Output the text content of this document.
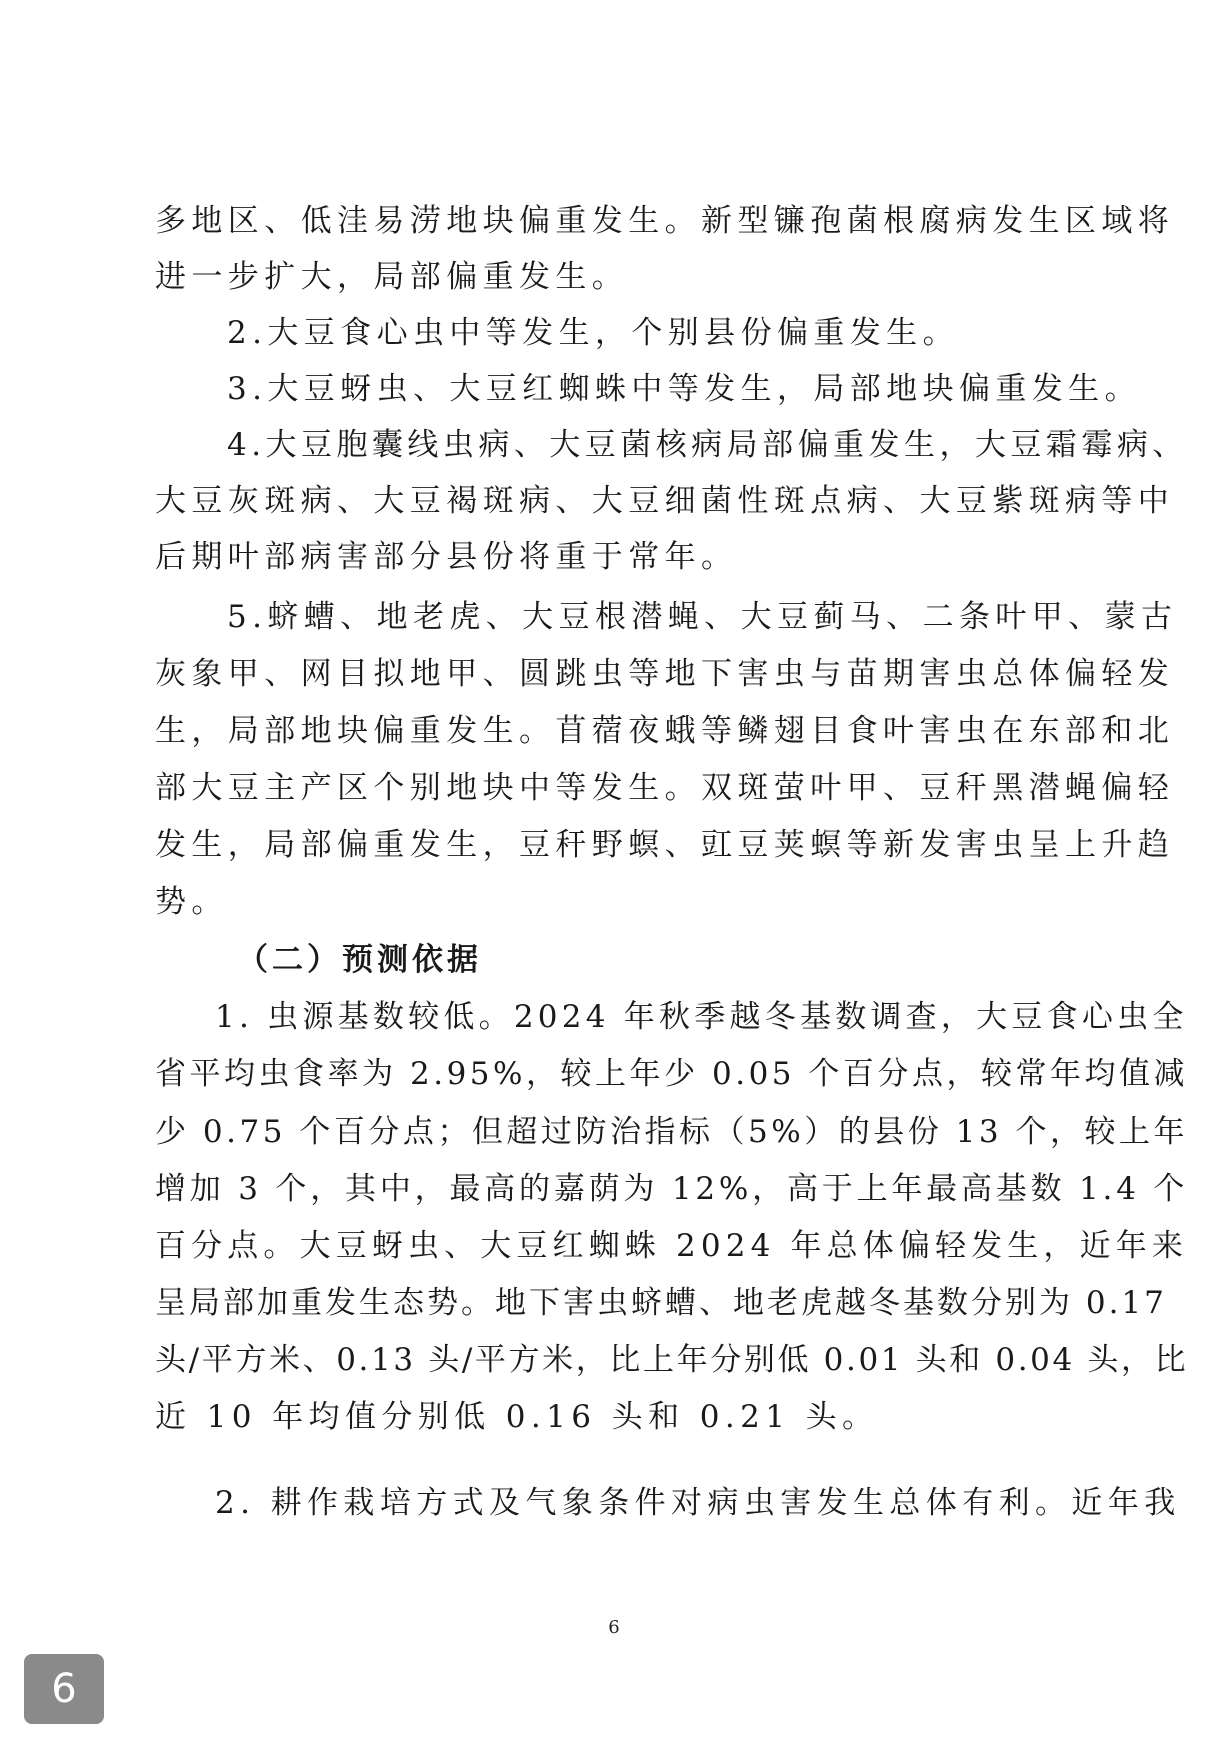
多地区、低洼易涝地块偏重发生。新型镰孢菌根腐病发生区域将
进一步扩大，局部偏重发生。
2.大豆食心虫中等发生，个别县份偏重发生。
3.大豆蚜虫、大豆红蜘蛛中等发生，局部地块偏重发生。
4.大豆胞囊线虫病、大豆菌核病局部偏重发生，大豆霜霉病、
大豆灰斑病、大豆褐斑病、大豆细菌性斑点病、大豆紫斑病等中
后期叶部病害部分县份将重于常年。
5.蛴螬、地老虎、大豆根潜蝇、大豆蓟马、二条叶甲、蒙古
灰象甲、网目拟地甲、圆跳虫等地下害虫与苗期害虫总体偏轻发
生，局部地块偏重发生。苜蓿夜蛾等鳞翅目食叶害虫在东部和北
部大豆主产区个别地块中等发生。双斑萤叶甲、豆秆黑潜蝇偏轻
发生，局部偏重发生，豆秆野螟、豇豆荚螟等新发害虫呈上升趋
势。
（二）预测依据
1. 虫源基数较低。2024 年秋季越冬基数调查，大豆食心虫全
省平均虫食率为 2.95%，较上年少 0.05 个百分点，较常年均值减
少 0.75 个百分点；但超过防治指标（5%）的县份 13 个，较上年
增加 3 个，其中，最高的嘉荫为 12%，高于上年最高基数 1.4 个
百分点。大豆蚜虫、大豆红蜘蛛 2024 年总体偏轻发生，近年来
呈局部加重发生态势。地下害虫蛴螬、地老虎越冬基数分别为 0.17
头/平方米、0.13 头/平方米，比上年分别低 0.01 头和 0.04 头，比
近 10 年均值分别低 0.16 头和 0.21 头。
2. 耕作栽培方式及气象条件对病虫害发生总体有利。近年我
6
6
